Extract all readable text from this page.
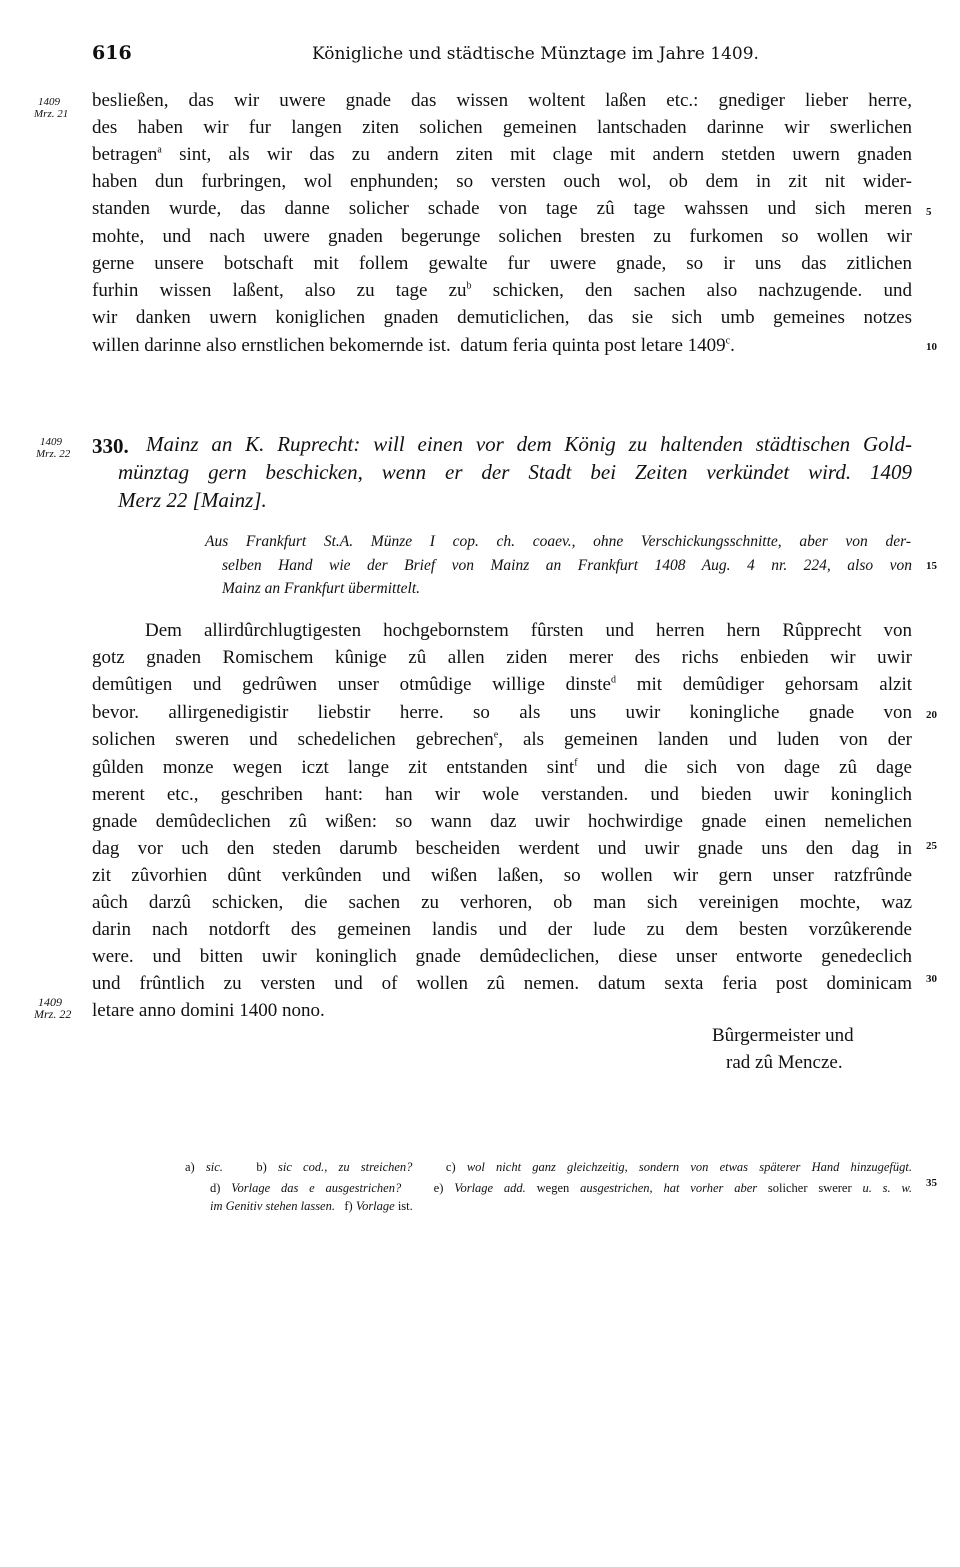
616	Königliche und städtische Münztage im Jahre 1409.
1409
Mrz. 21
1409
Mrz. 22
1409
Mrz. 22
5
10
15
20
25
30
35
besließen, das wir uwere gnade das wissen woltent laßen etc.: gnediger lieber herre,
des haben wir fur langen ziten solichen gemeinen lantschaden darinne wir swerlichen
betragen$^a$ sint, als wir das zu andern ziten mit clage mit andern stetden uwern gnaden
haben dun furbringen, wol enphunden; so versten ouch wol, ob dem in zit nit wider-
standen wurde, das danne solicher schade von tage zû tage wahssen und sich meren
mohte, und nach uwere gnaden begerunge solichen bresten zu furkomen so wollen wir
gerne unsere botschaft mit follem gewalte fur uwere gnade, so ir uns das zitlichen
furhin wissen laßent, also zu tage $zu^b$ schicken, den sachen also nachzugende. und
wir danken uwern koniglichen gnaden demuticlichen, das sie sich umb gemeines notzes
willen darinne also ernstlichen bekomernde ist.  datum feria quinta post letare 1409$^c$.
330. Mainz an K. Ruprecht: will einen vor dem König zu haltenden städtischen Gold-
münztag gern beschicken, wenn er der Stadt bei Zeiten verkündet wird. 1409
Merz 22 [Mainz].
Aus Frankfurt St.A. Münze I cop. ch. coaev., ohne Verschickungsschnitte, aber von der-
selben Hand wie der Brief von Mainz an Frankfurt 1408 Aug. 4 nr. 224, also von
Mainz an Frankfurt übermittelt.
Dem allirdûrchlugtigesten hochgebornstem fûrsten und herren hern Rûpprecht von
gotz gnaden Romischem kûnige zû allen ziden merer des richs enbieden wir uwir
demûtigen und gedrûwen unser otmûdige willige dinste$^d$ mit demûdiger gehorsam alzit
bevor. allirgenedigistir liebstir herre. so als uns uwir koningliche gnade von
solichen sweren und schedelichen gebrechen$^e$, als gemeinen landen und luden von der
gûlden monze wegen iczt lange zit entstanden sint$^f$ und die sich von dage zû dage
merent etc., geschriben hant: han wir wole verstanden. und bieden uwir koninglich
gnade demûdeclichen zû wißen: so wann daz uwir hochwirdige gnade einen nemelichen
dag vor uch den steden darumb bescheiden werdent und uwir gnade uns den dag in
zit zûvorhien dûnt verkûnden und wißen laßen, so wollen wir gern unser ratzfrûnde
aûch darzû schicken, die sachen zu verhoren, ob man sich vereinigen mochte, waz
darin nach notdorft des gemeinen landis und der lude zu dem besten vorzûkerende
were. und bitten uwir koninglich gnade demûdeclichen, diese unser entworte genedeclich
und frûntlich zu versten und of wollen zû nemen. datum sexta feria post dominicam
letare anno domini 1400 nono.
Bûrgermeister und
rad zû Mencze.
a) sic.   b) sic cod., zu streichen?   c) wol nicht ganz gleichzeitig, sondern von etwas späterer Hand hinzugefügt.
d) Vorlage das e ausgestrichen?   e) Vorlage add. wegen ausgestrichen, hat vorher aber solicher swerer u. s. w.
im Genitiv stehen lassen.   f) Vorlage ist.
